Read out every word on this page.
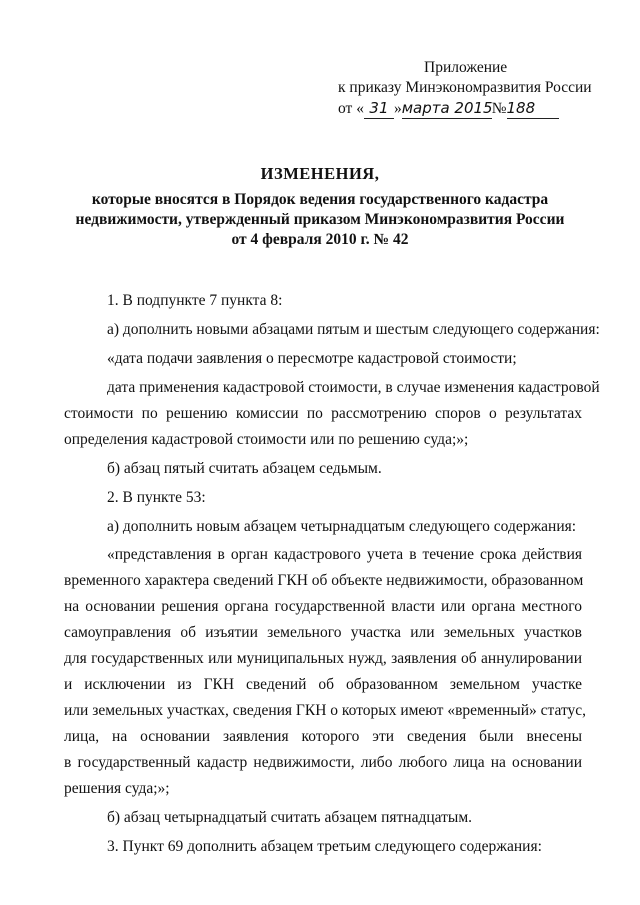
Приложение
к приказу Минэкономразвития России
от « 31 »марта 2015№188
ИЗМЕНЕНИЯ,
которые вносятся в Порядок ведения государственного кадастра
недвижимости, утвержденный приказом Минэкономразвития России
от 4 февраля 2010 г. № 42
1. В подпункте 7 пункта 8:
а) дополнить новыми абзацами пятым и шестым следующего содержания:
«дата подачи заявления о пересмотре кадастровой стоимости;
дата применения кадастровой стоимости, в случае изменения кадастровой
стоимости по решению комиссии по рассмотрению споров о результатах
определения кадастровой стоимости или по решению суда;»;
б) абзац пятый считать абзацем седьмым.
2. В пункте 53:
а) дополнить новым абзацем четырнадцатым следующего содержания:
«представления в орган кадастрового учета в течение срока действия
временного характера сведений ГКН об объекте недвижимости, образованном
на основании решения органа государственной власти или органа местного
самоуправления об изъятии земельного участка или земельных участков
для государственных или муниципальных нужд, заявления об аннулировании
и исключении из ГКН сведений об образованном земельном участке
или земельных участках, сведения ГКН о которых имеют «временный» статус,
лица, на основании заявления которого эти сведения были внесены
в государственный кадастр недвижимости, либо любого лица на основании
решения суда;»;
б) абзац четырнадцатый считать абзацем пятнадцатым.
3. Пункт 69 дополнить абзацем третьим следующего содержания:
